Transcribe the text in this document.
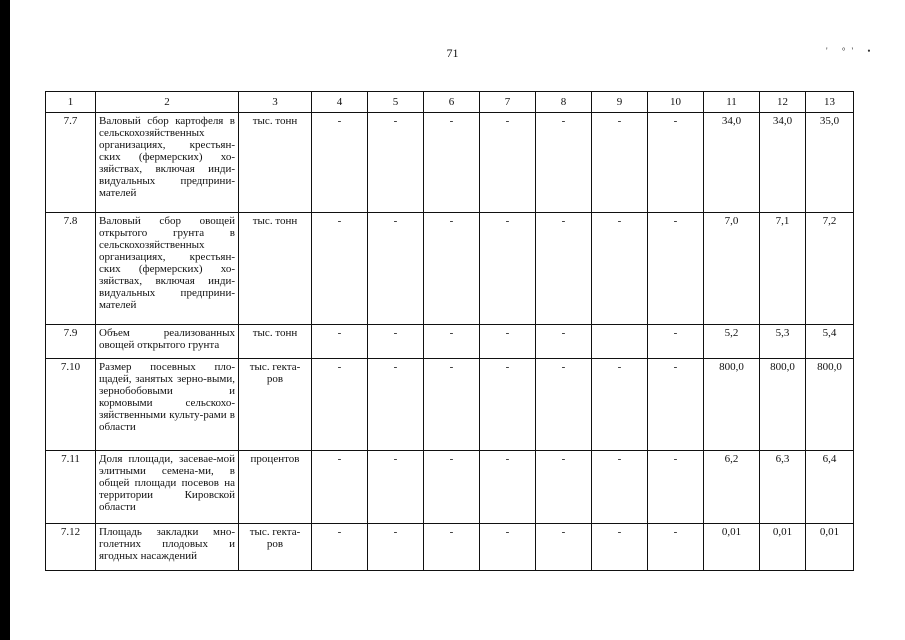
71	' °' •
1	2	3	4	5	6	7	8	9	10	11	12	13
7.7	Валовый сбор картофеля в сельскохозяйственных организациях, крестьян-ских (фермерских) хо-зяйствах, включая инди-видуальных предприни-мателей	тыс. тонн	-	-	-	-	-	-	-	34,0	34,0	35,0
7.8	Валовый сбор овощей открытого грунта в сельскохозяйственных организациях, крестьян-ских (фермерских) хо-зяйствах, включая инди-видуальных предприни-мателей	тыс. тонн	-	-	-	-	-	-	-	7,0	7,1	7,2
7.9	Объем реализованных овощей открытого грунта	тыс. тонн	-	-	-	-	-		-	5,2	5,3	5,4
7.10	Размер посевных пло-щадей, занятых зерно-выми, зернобобовыми и кормовыми сельскохо-зяйственными культу-рами в области	тыс. гекта-ров	-	-	-	-	-	-	-	800,0	800,0	800,0
7.11	Доля площади, засевае-мой элитными семена-ми, в общей площади посевов на территории Кировской области	процентов	-	-	-	-	-	-	-	6,2	6,3	6,4
7.12	Площадь закладки мно-голетних плодовых и ягодных насаждений	тыс. гекта-ров	-	-	-	-	-	-	-	0,01	0,01	0,01
